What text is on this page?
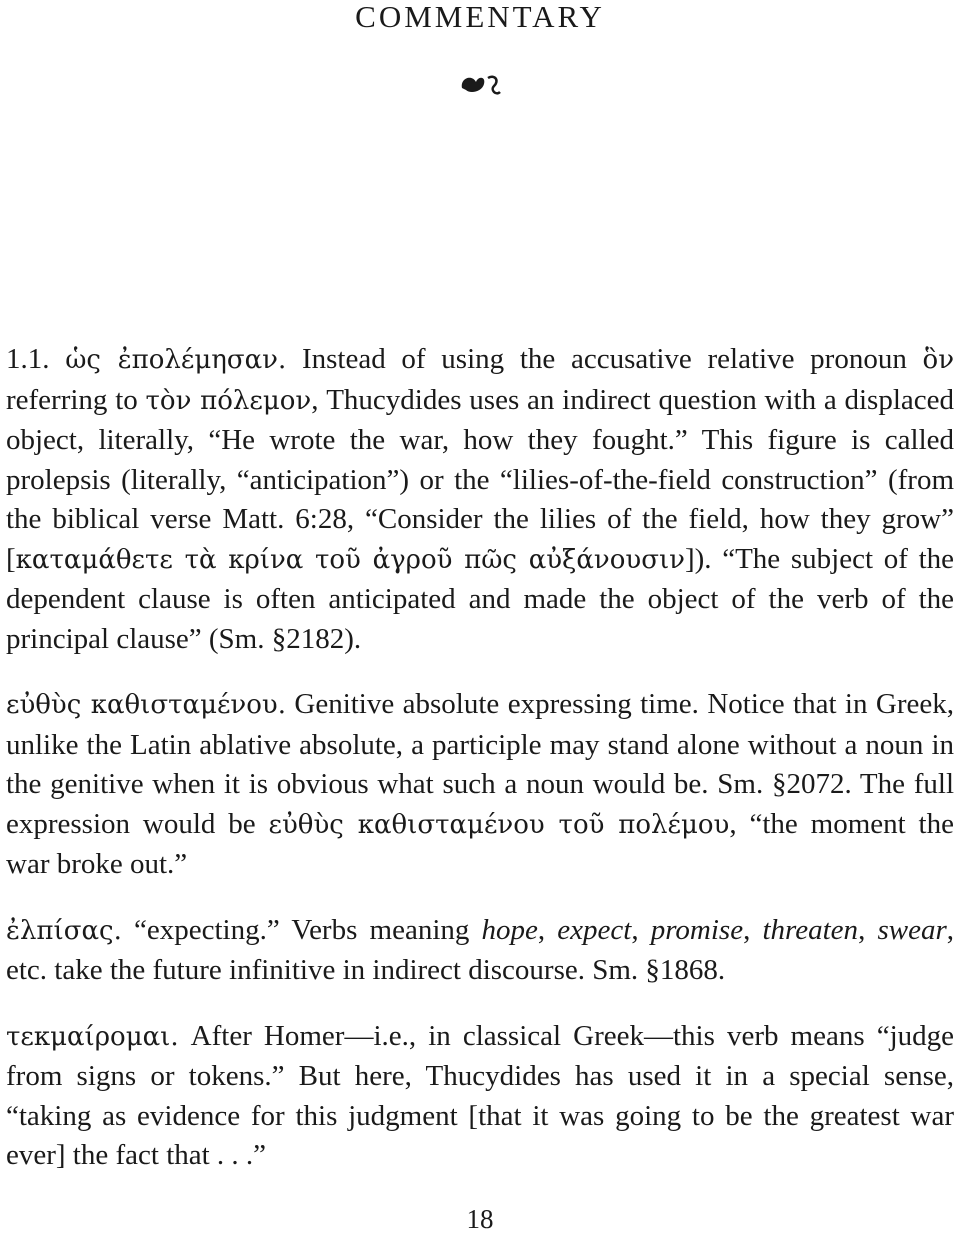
COMMENTARY

1.1. ὡς ἐπολέμησαν. Instead of using the accusative relative pronoun ὃν referring to τὸν πόλεμον, Thucydides uses an indirect question with a displaced object, literally, “He wrote the war, how they fought.” This figure is called prolepsis (literally, “anticipation”) or the “lilies-of-the-field construction” (from the biblical verse Matt. 6:28, “Consider the lilies of the field, how they grow” [καταμάθετε τὰ κρίνα τοῦ ἀγροῦ πῶς αὐξάνουσιν]). “The subject of the dependent clause is often anticipated and made the object of the verb of the principal clause” (Sm. §2182).

εὐθὺς καθισταμένου. Genitive absolute expressing time. Notice that in Greek, unlike the Latin ablative absolute, a participle may stand alone without a noun in the genitive when it is obvious what such a noun would be. Sm. §2072. The full expression would be εὐθὺς καθισταμένου τοῦ πολέμου, “the moment the war broke out.”

ἐλπίσας. “expecting.” Verbs meaning hope, expect, promise, threaten, swear, etc. take the future infinitive in indirect discourse. Sm. §1868.

τεκμαίρομαι. After Homer—i.e., in classical Greek—this verb means “judge from signs or tokens.” But here, Thucydides has used it in a special sense, “taking as evidence for this judgment [that it was going to be the greatest war ever] the fact that . . .”

18
